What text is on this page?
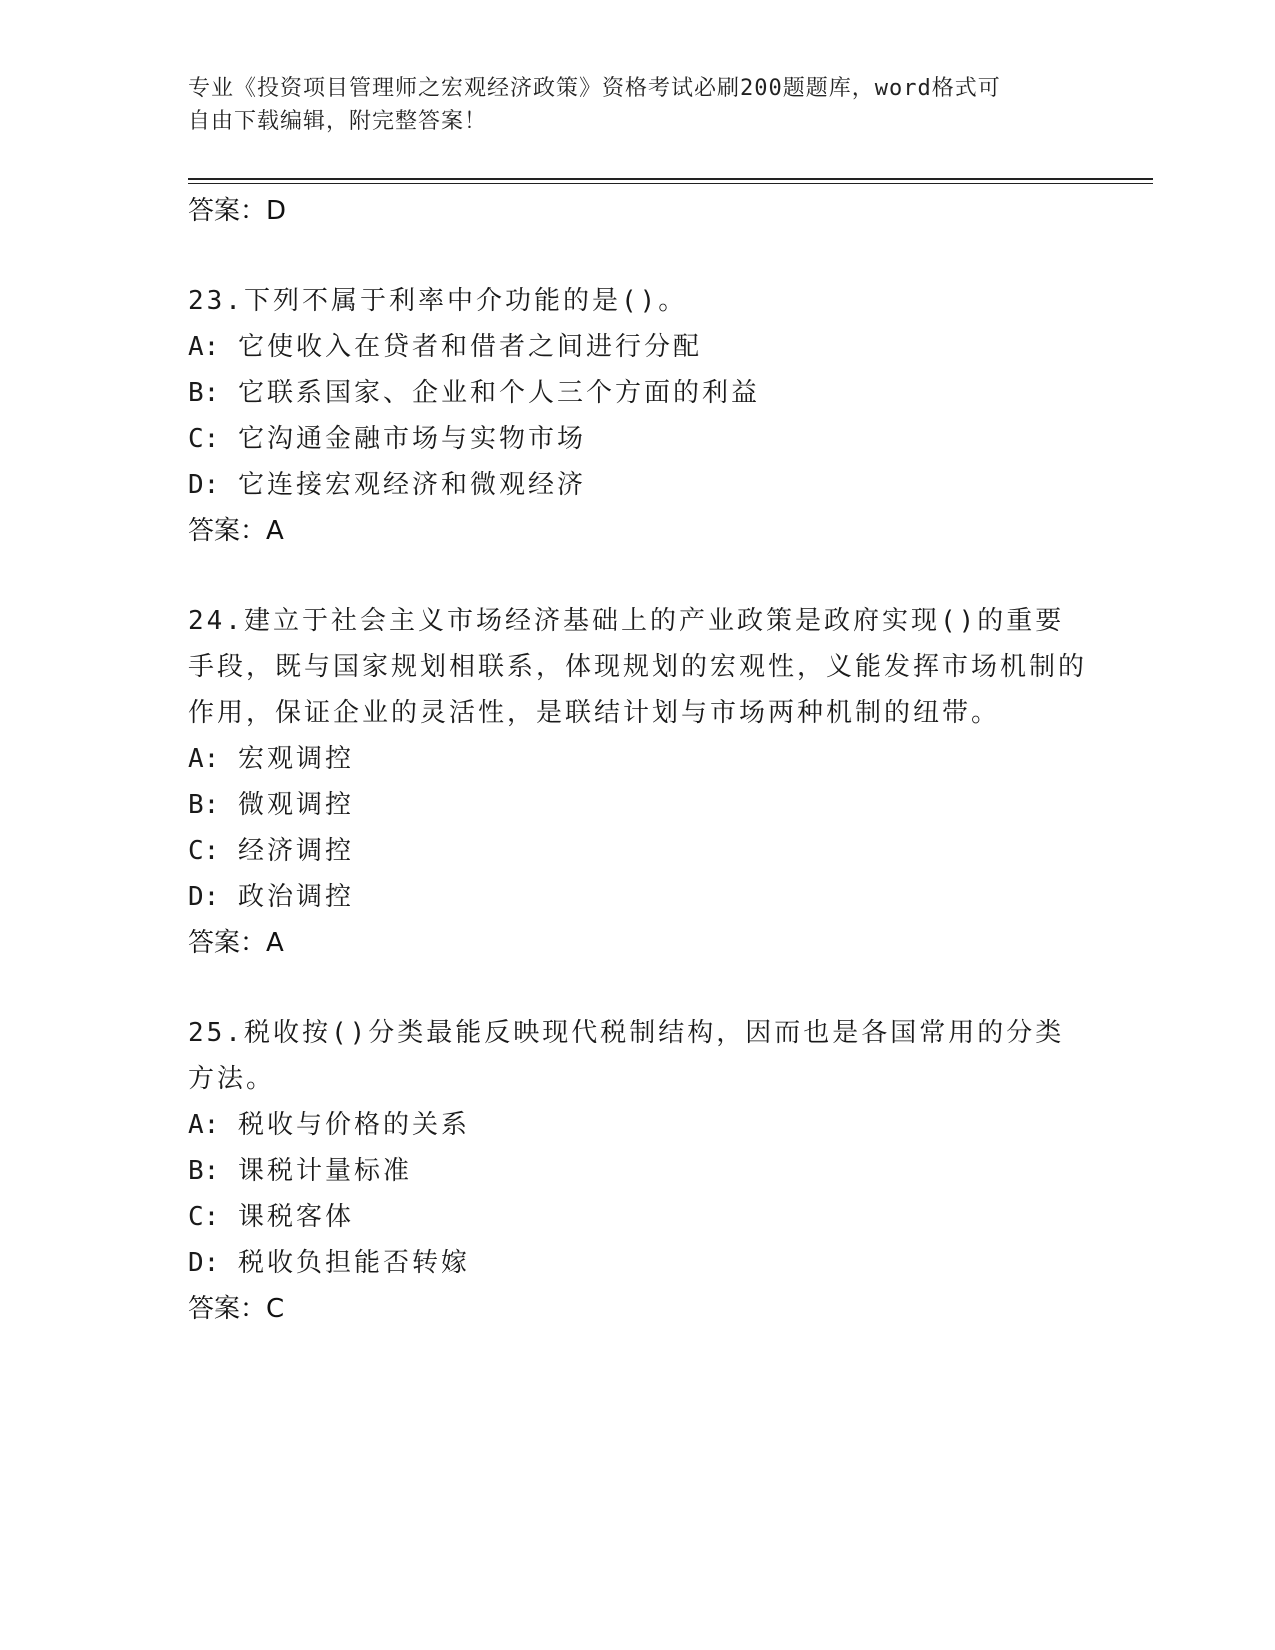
专业《投资项目管理师之宏观经济政策》资格考试必刷200题题库，word格式可
自由下载编辑，附完整答案！
答案：D
23.下列不属于利率中介功能的是()。
A: 它使收入在贷者和借者之间进行分配
B: 它联系国家、企业和个人三个方面的利益
C: 它沟通金融市场与实物市场
D: 它连接宏观经济和微观经济
答案：A
24.建立于社会主义市场经济基础上的产业政策是政府实现()的重要手段，既与国家规划相联系，体现规划的宏观性，义能发挥市场机制的作用，保证企业的灵活性，是联结计划与市场两种机制的纽带。
A: 宏观调控
B: 微观调控
C: 经济调控
D: 政治调控
答案：A
25.税收按()分类最能反映现代税制结构，因而也是各国常用的分类方法。
A: 税收与价格的关系
B: 课税计量标准
C: 课税客体
D: 税收负担能否转嫁
答案：C
